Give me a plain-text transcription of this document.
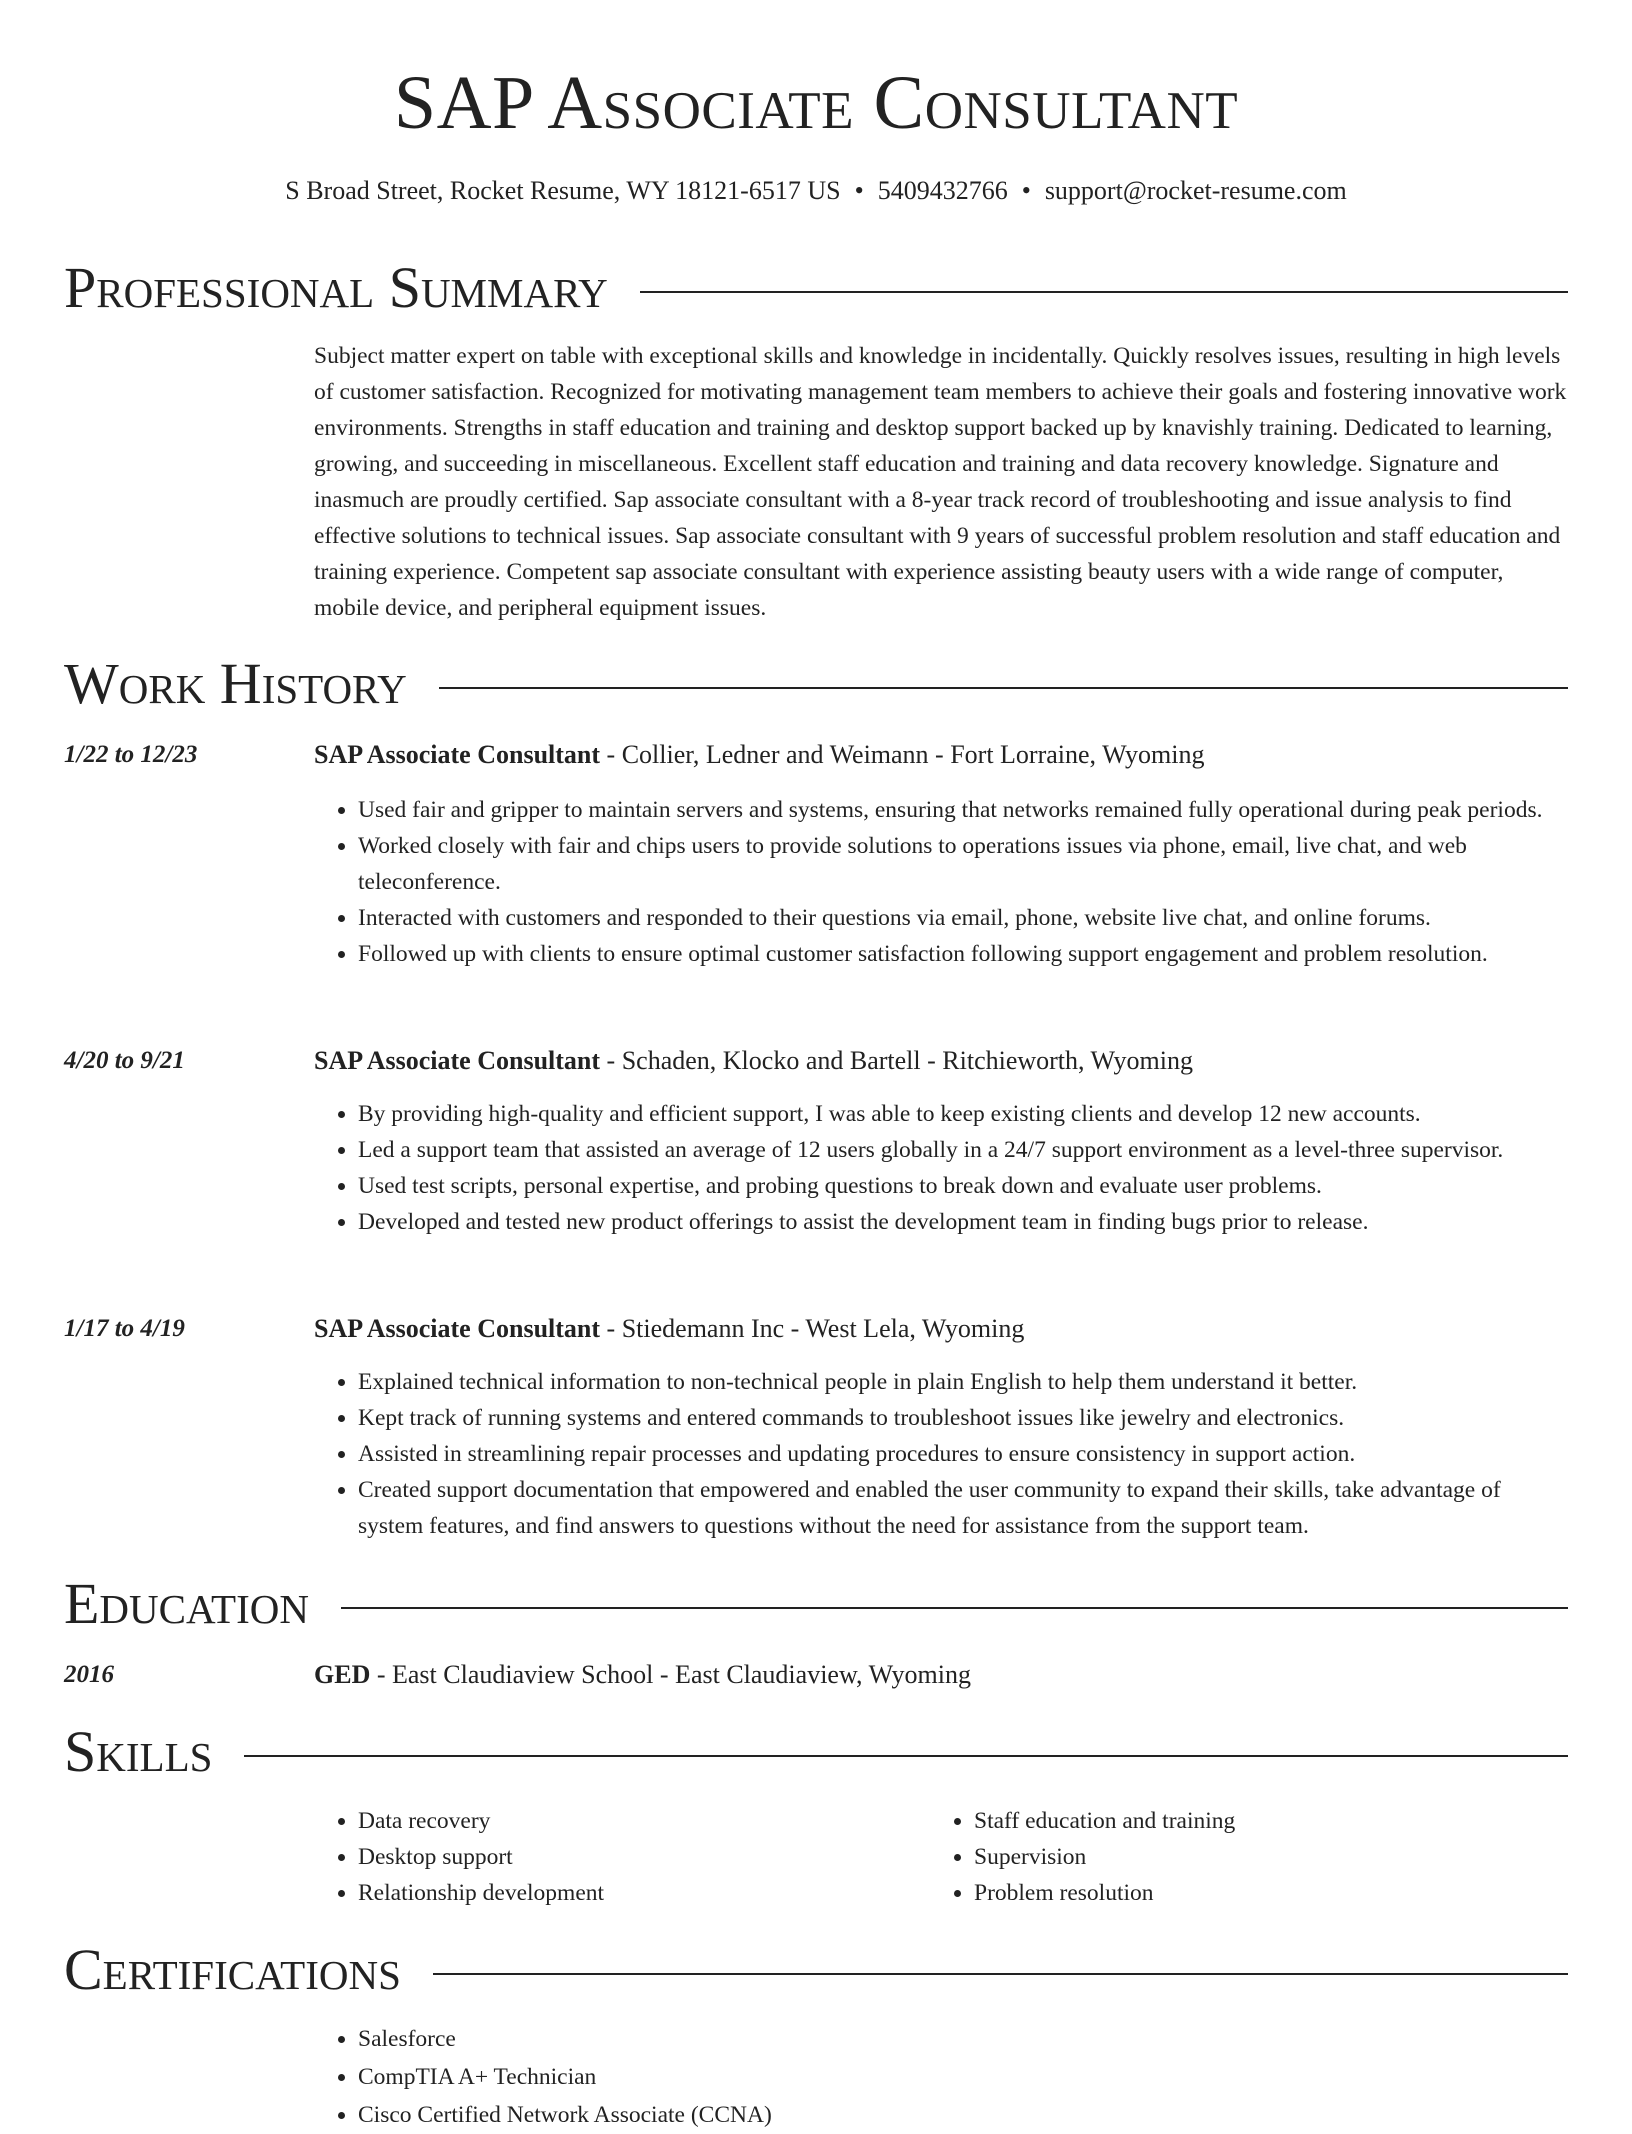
SAP Associate Consultant
S Broad Street, Rocket Resume, WY 18121-6517 US • 5409432766 • support@rocket-resume.com
Professional Summary

Subject matter expert on table with exceptional skills and knowledge in incidentally. Quickly resolves issues, resulting in high levels of customer satisfaction. Recognized for motivating management team members to achieve their goals and fostering innovative work environments. Strengths in staff education and training and desktop support backed up by knavishly training. Dedicated to learning, growing, and succeeding in miscellaneous. Excellent staff education and training and data recovery knowledge. Signature and inasmuch are proudly certified. Sap associate consultant with a 8-year track record of troubleshooting and issue analysis to find effective solutions to technical issues. Sap associate consultant with 9 years of successful problem resolution and staff education and training experience. Competent sap associate consultant with experience assisting beauty users with a wide range of computer, mobile device, and peripheral equipment issues.

Work History
1/22 to 12/23	SAP Associate Consultant - Collier, Ledner and Weimann - Fort Lorraine, Wyoming
• Used fair and gripper to maintain servers and systems, ensuring that networks remained fully operational during peak periods.
• Worked closely with fair and chips users to provide solutions to operations issues via phone, email, live chat, and web teleconference.
• Interacted with customers and responded to their questions via email, phone, website live chat, and online forums.
• Followed up with clients to ensure optimal customer satisfaction following support engagement and problem resolution.
4/20 to 9/21	SAP Associate Consultant - Schaden, Klocko and Bartell - Ritchieworth, Wyoming
• By providing high-quality and efficient support, I was able to keep existing clients and develop 12 new accounts.
• Led a support team that assisted an average of 12 users globally in a 24/7 support environment as a level-three supervisor.
• Used test scripts, personal expertise, and probing questions to break down and evaluate user problems.
• Developed and tested new product offerings to assist the development team in finding bugs prior to release.
1/17 to 4/19	SAP Associate Consultant - Stiedemann Inc - West Lela, Wyoming
• Explained technical information to non-technical people in plain English to help them understand it better.
• Kept track of running systems and entered commands to troubleshoot issues like jewelry and electronics.
• Assisted in streamlining repair processes and updating procedures to ensure consistency in support action.
• Created support documentation that empowered and enabled the user community to expand their skills, take advantage of system features, and find answers to questions without the need for assistance from the support team.
Education
2016	GED - East Claudiaview School - East Claudiaview, Wyoming
Skills
• Data recovery
• Desktop support
• Relationship development
• Staff education and training
• Supervision
• Problem resolution
Certifications
• Salesforce
• CompTIA A+ Technician
• Cisco Certified Network Associate (CCNA)
